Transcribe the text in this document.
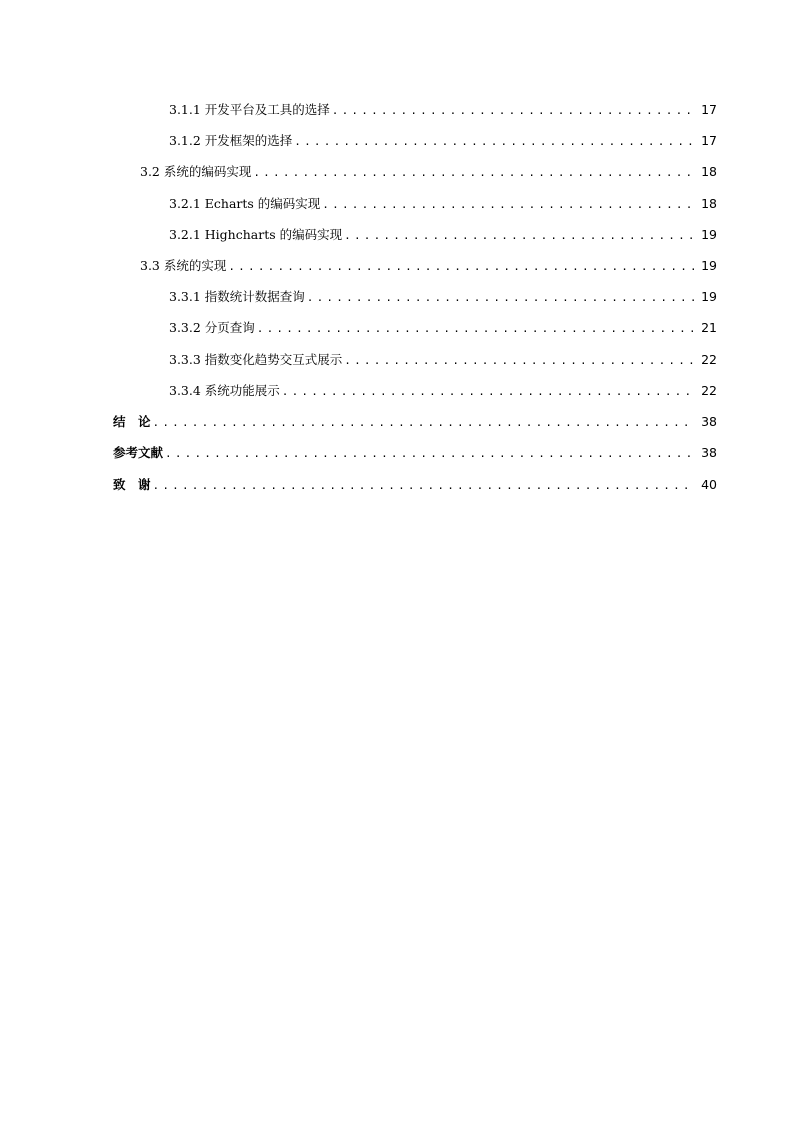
3.1.1 开发平台及工具的选择 .....	17
3.1.2 开发框架的选择 .....	17
3.2 系统的编码实现 .....	18
3.2.1 Echarts 的编码实现 .....	18
3.2.1 Highcharts 的编码实现 .....	19
3.3 系统的实现 .....	19
3.3.1 指数统计数据查询 .....	19
3.3.2 分页查询 .....	21
3.3.3 指数变化趋势交互式展示 .....	22
3.3.4 系统功能展示 .....	22
结　论 .....	38
参考文献 .....	38
致　谢 .....	40
